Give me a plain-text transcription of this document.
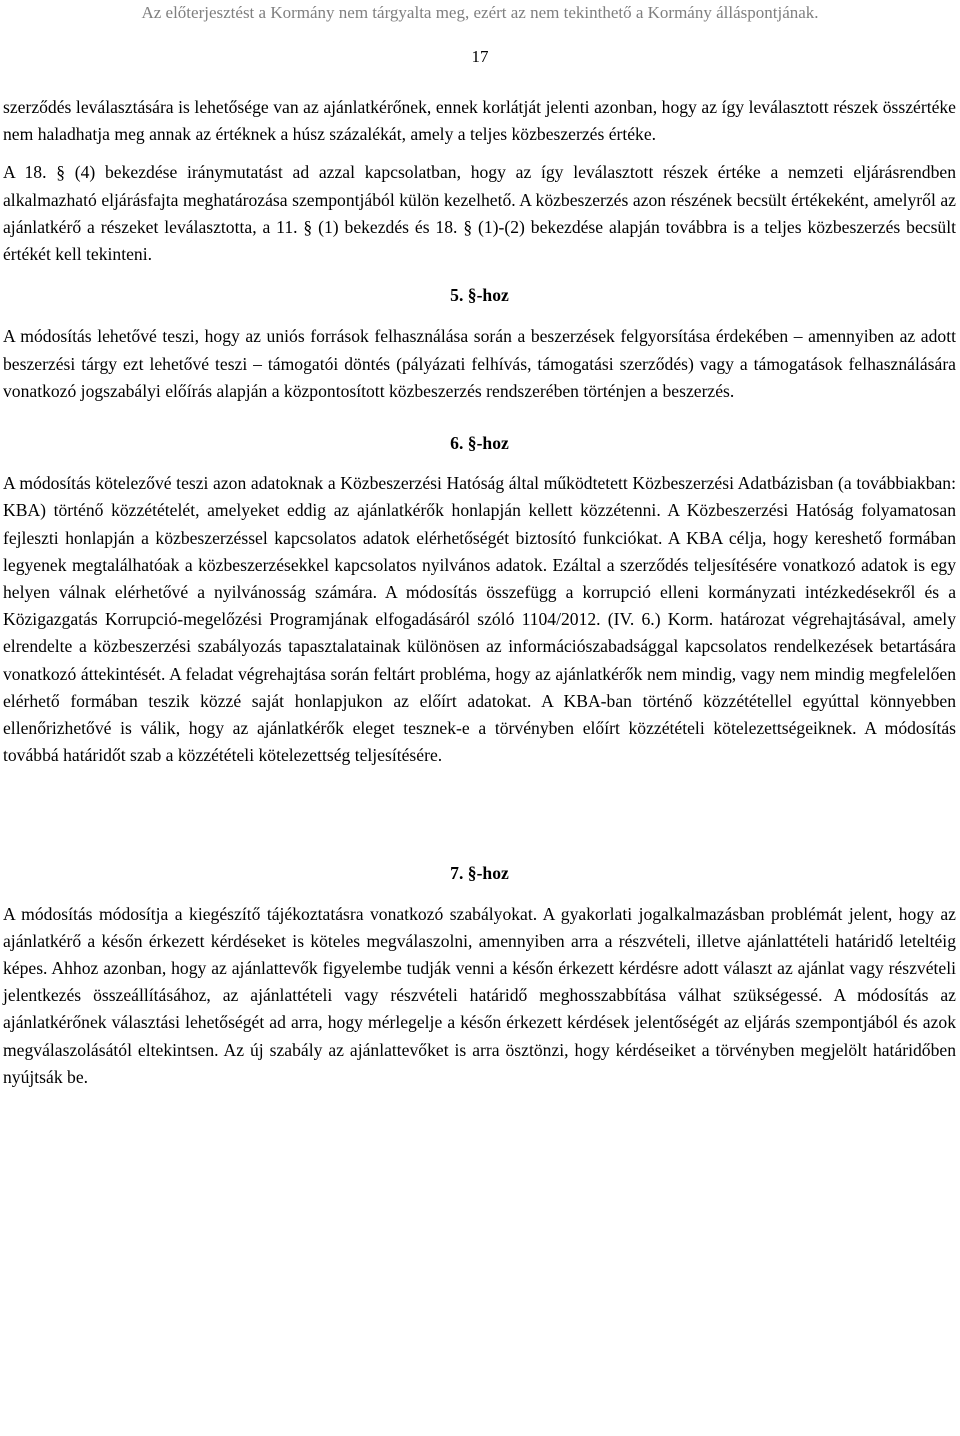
Az előterjesztést a Kormány nem tárgyalta meg, ezért az nem tekinthető a Kormány álláspontjának.
17

szerződés leválasztására is lehetősége van az ajánlatkérőnek, ennek korlátját jelenti azonban, hogy az így leválasztott részek összértéke nem haladhatja meg annak az értéknek a húsz százalékát, amely a teljes közbeszerzés értéke.

A 18. § (4) bekezdése iránymutatást ad azzal kapcsolatban, hogy az így leválasztott részek értéke a nemzeti eljárásrendben alkalmazható eljárásfajta meghatározása szempontjából külön kezelhető. A közbeszerzés azon részének becsült értékeként, amelyről az ajánlatkérő a részeket leválasztotta, a 11. § (1) bekezdés és 18. § (1)-(2) bekezdése alapján továbbra is a teljes közbeszerzés becsült értékét kell tekinteni.

5. §-hoz

A módosítás lehetővé teszi, hogy az uniós források felhasználása során a beszerzések felgyorsítása érdekében – amennyiben az adott beszerzési tárgy ezt lehetővé teszi – támogatói döntés (pályázati felhívás, támogatási szerződés) vagy a támogatások felhasználására vonatkozó jogszabályi előírás alapján a központosított közbeszerzés rendszerében történjen a beszerzés.

6. §-hoz

A módosítás kötelezővé teszi azon adatoknak a Közbeszerzési Hatóság által működtetett Közbeszerzési Adatbázisban (a továbbiakban: KBA) történő közzétételét, amelyeket eddig az ajánlatkérők honlapján kellett közzétenni. A Közbeszerzési Hatóság folyamatosan fejleszti honlapján a közbeszerzéssel kapcsolatos adatok elérhetőségét biztosító funkciókat. A KBA célja, hogy kereshető formában legyenek megtalálhatóak a közbeszerzésekkel kapcsolatos nyilvános adatok. Ezáltal a szerződés teljesítésére vonatkozó adatok is egy helyen válnak elérhetővé a nyilvánosság számára. A módosítás összefügg a korrupció elleni kormányzati intézkedésekről és a Közigazgatás Korrupció-megelőzési Programjának elfogadásáról szóló 1104/2012. (IV. 6.) Korm. határozat végrehajtásával, amely elrendelte a közbeszerzési szabályozás tapasztalatainak különösen az információszabadsággal kapcsolatos rendelkezések betartására vonatkozó áttekintését. A feladat végrehajtása során feltárt probléma, hogy az ajánlatkérők nem mindig, vagy nem mindig megfelelően elérhető formában teszik közzé saját honlapjukon az előírt adatokat. A KBA-ban történő közzététellel egyúttal könnyebben ellenőrizhetővé is válik, hogy az ajánlatkérők eleget tesznek-e a törvényben előírt közzétételi kötelezettségeiknek. A módosítás továbbá határidőt szab a közzétételi kötelezettség teljesítésére.

7. §-hoz

A módosítás módosítja a kiegészítő tájékoztatásra vonatkozó szabályokat. A gyakorlati jogalkalmazásban problémát jelent, hogy az ajánlatkérő a későn érkezett kérdéseket is köteles megválaszolni, amennyiben arra a részvételi, illetve ajánlattételi határidő leteltéig képes. Ahhoz azonban, hogy az ajánlattevők figyelembe tudják venni a későn érkezett kérdésre adott választ az ajánlat vagy részvételi jelentkezés összeállításához, az ajánlattételi vagy részvételi határidő meghosszabbítása válhat szükségessé. A módosítás az ajánlatkérőnek választási lehetőségét ad arra, hogy mérlegelje a későn érkezett kérdések jelentőségét az eljárás szempontjából és azok megválaszolásától eltekintsen. Az új szabály az ajánlattevőket is arra ösztönzi, hogy kérdéseiket a törvényben megjelölt határidőben nyújtsák be.
